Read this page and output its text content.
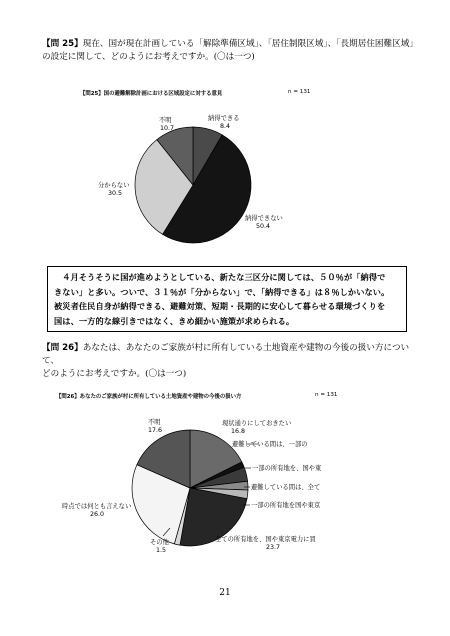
【問 25】現在、国が現在計画している「解除準備区域」、「居住制限区域」、「長期居住困難区域」
の設定に関して、どのようにお考えですか。(〇は一つ)
【問25】国の避難解除計画における区域設定に対する意見	n = 131
納得できる
8.4
不明
10.7
分からない
30.5
納得できない
50.4
現状通りにしておきたい
16.8
避難している間は、一部の
一部の所有地を、国や東
避難している間は、全て
一部の所有地を国や東京
全ての所有地を、国や東京電力に買
23.7
その他
1.5
時点では何とも言えない
26.0
不明
17.6
４月そうそうに国が進めようとしている、新たな三区分に関しては、５０％が「納得で
きない」と多い。ついで、３１％が「分からない」で、「納得できる」は８％しかいない。
被災者住民自身が納得できる、避難対策、短期・長期的に安心して暮らせる環境づくりを
国は、一方的な線引きではなく、きめ細かい施策が求められる。
【問 26】あなたは、あなたのご家族が村に所有している土地資産や建物の今後の扱い方について、
どのようにお考えですか。(〇は一つ)
【問26】あなたのご家族が村に所有している土地資産や建物の今後の扱い方	n = 131
21
